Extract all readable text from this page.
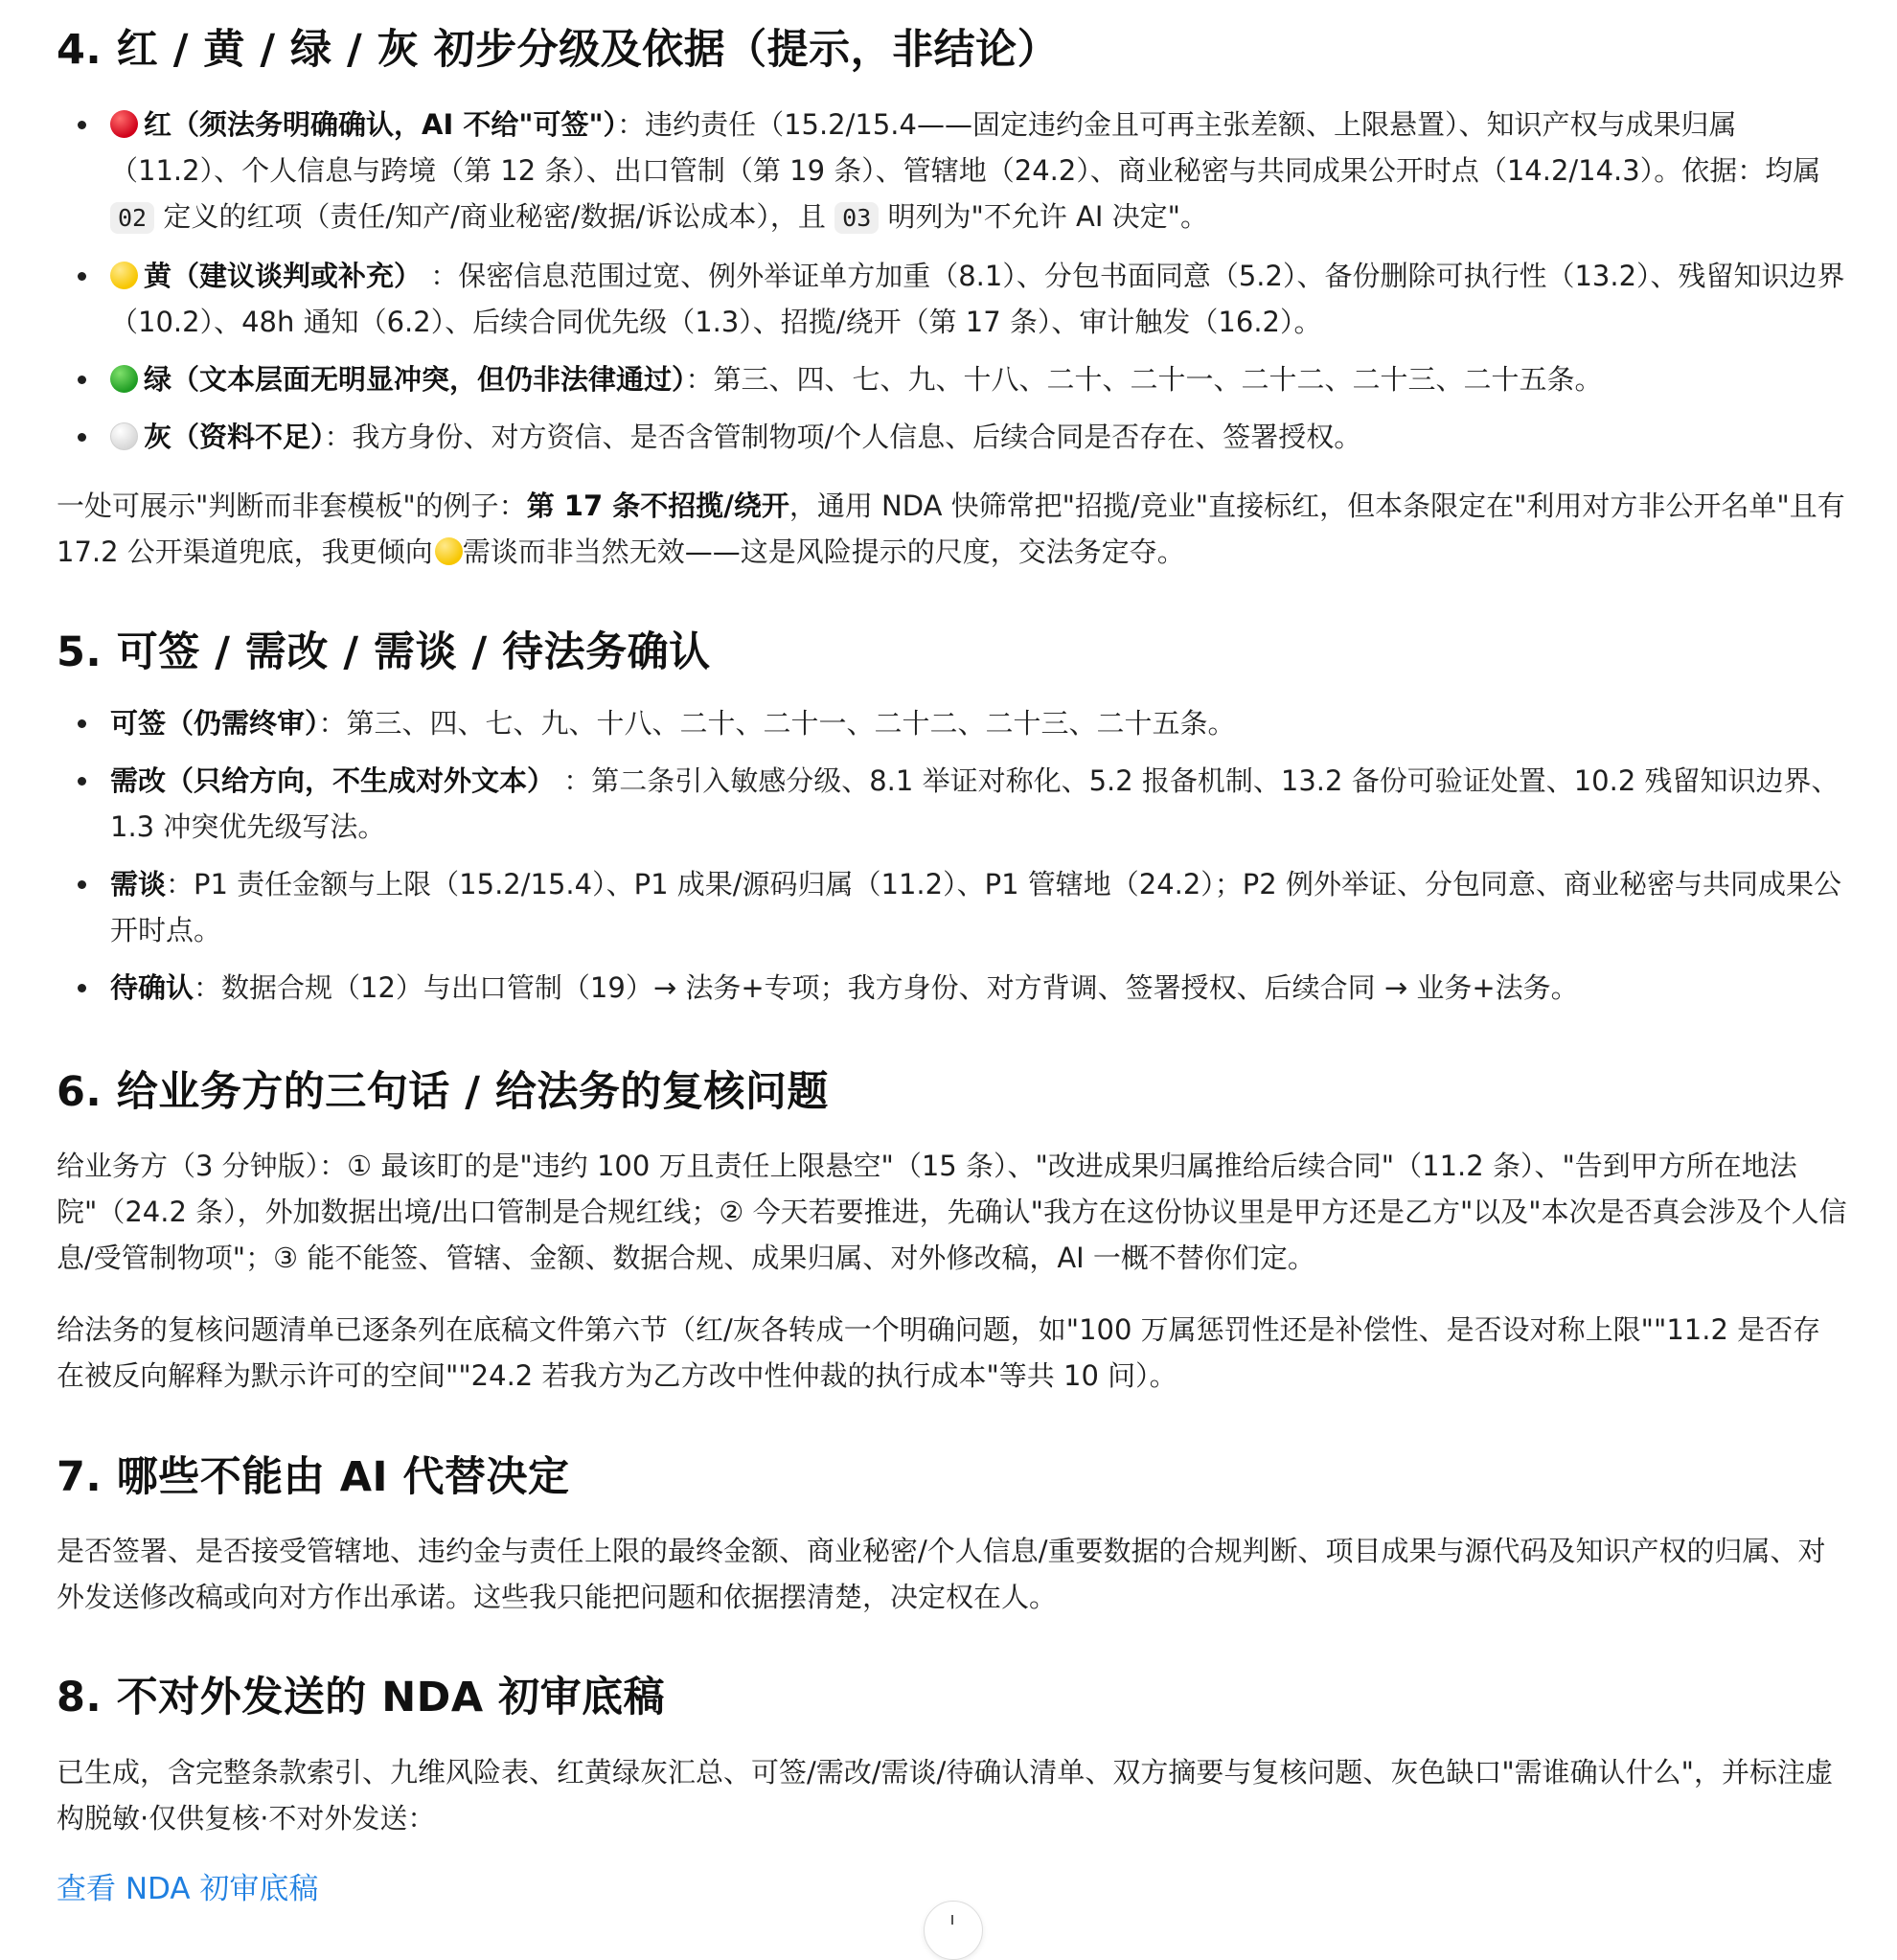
4. 红 / 黄 / 绿 / 灰 初步分级及依据（提示，非结论）
红（须法务明确确认，AI 不给"可签"）：违约责任（15.2/15.4——固定违约金且可再主张差额、上限悬置）、知识产权与成果归属（11.2）、个人信息与跨境（第 12 条）、出口管制（第 19 条）、管辖地（24.2）、商业秘密与共同成果公开时点（14.2/14.3）。依据：均属 02 定义的红项（责任/知产/商业秘密/数据/诉讼成本），且 03 明列为"不允许 AI 决定"。
黄（建议谈判或补充） ：保密信息范围过宽、例外举证单方加重（8.1）、分包书面同意（5.2）、备份删除可执行性（13.2）、残留知识边界（10.2）、48h 通知（6.2）、后续合同优先级（1.3）、招揽/绕开（第 17 条）、审计触发（16.2）。
绿（文本层面无明显冲突，但仍非法律通过）：第三、四、七、九、十八、二十、二十一、二十二、二十三、二十五条。
灰（资料不足）：我方身份、对方资信、是否含管制物项/个人信息、后续合同是否存在、签署授权。

一处可展示"判断而非套模板"的例子：第 17 条不招揽/绕开，通用 NDA 快筛常把"招揽/竞业"直接标红，但本条限定在"利用对方非公开名单"且有 17.2 公开渠道兜底，我更倾向 需谈而非当然无效——这是风险提示的尺度，交法务定夺。

5. 可签 / 需改 / 需谈 / 待法务确认
可签（仍需终审）：第三、四、七、九、十八、二十、二十一、二十二、二十三、二十五条。
需改（只给方向，不生成对外文本） ：第二条引入敏感分级、8.1 举证对称化、5.2 报备机制、13.2 备份可验证处置、10.2 残留知识边界、1.3 冲突优先级写法。
需谈：P1 责任金额与上限（15.2/15.4）、P1 成果/源码归属（11.2）、P1 管辖地（24.2）；P2 例外举证、分包同意、商业秘密与共同成果公开时点。
待确认：数据合规（12）与出口管制（19）→ 法务+专项；我方身份、对方背调、签署授权、后续合同 → 业务+法务。
6. 给业务方的三句话 / 给法务的复核问题

给业务方（3 分钟版）：① 最该盯的是"违约 100 万且责任上限悬空"（15 条）、"改进成果归属推给后续合同"（11.2 条）、"告到甲方所在地法院"（24.2 条），外加数据出境/出口管制是合规红线；② 今天若要推进，先确认"我方在这份协议里是甲方还是乙方"以及"本次是否真会涉及个人信息/受管制物项"；③ 能不能签、管辖、金额、数据合规、成果归属、对外修改稿，AI 一概不替你们定。

给法务的复核问题清单已逐条列在底稿文件第六节（红/灰各转成一个明确问题，如"100 万属惩罚性还是补偿性、是否设对称上限""11.2 是否存在被反向解释为默示许可的空间""24.2 若我方为乙方改中性仲裁的执行成本"等共 10 问）。

7. 哪些不能由 AI 代替决定

是否签署、是否接受管辖地、违约金与责任上限的最终金额、商业秘密/个人信息/重要数据的合规判断、项目成果与源代码及知识产权的归属、对外发送修改稿或向对方作出承诺。这些我只能把问题和依据摆清楚，决定权在人。

8. 不对外发送的 NDA 初审底稿

已生成，含完整条款索引、九维风险表、红黄绿灰汇总、可签/需改/需谈/待确认清单、双方摘要与复核问题、灰色缺口"需谁确认什么"，并标注虚构脱敏·仅供复核·不对外发送：

查看 NDA 初审底稿
